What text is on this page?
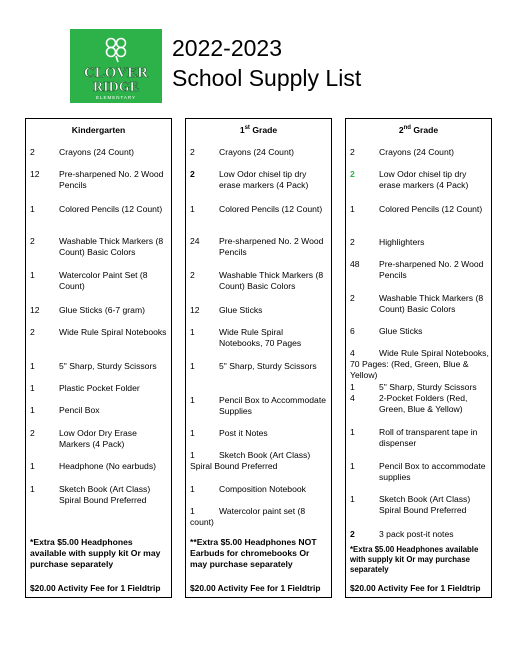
CLOVER
RIDGE
ELEMENTARY
2022-2023
School Supply List
Kindergarten
2	Crayons (24 Count)
12 Pre-sharpened No. 2 Wood Pencils
1	Colored Pencils (12 Count)
2	Washable Thick Markers (8 Count) Basic Colors
1	Watercolor Paint Set (8 Count)
12 Glue Sticks (6-7 gram)
2	Wide Rule Spiral Notebooks
1	5" Sharp, Sturdy Scissors
1	Plastic Pocket Folder
1	Pencil Box
2	Low Odor Dry Erase Markers (4 Pack)
1	Headphone (No earbuds)
1	Sketch Book (Art Class) Spiral Bound Preferred
*Extra $5.00 Headphones available with supply kit Or may purchase separately
$20.00 Activity Fee for 1 Fieldtrip
1st Grade
2	Crayons (24 Count)
2	Low Odor chisel tip dry erase markers (4 Pack)
1	Colored Pencils (12 Count)
24 Pre-sharpened No. 2 Wood Pencils
2	Washable Thick Markers (8 Count) Basic Colors
12 Glue Sticks
1	Wide Rule Spiral Notebooks, 70 Pages
1	5" Sharp, Sturdy Scissors
1	Pencil Box to Accommodate Supplies
1	Post it Notes
1	Sketch Book (Art Class) Spiral Bound Preferred
1	Composition Notebook
1	Watercolor paint set (8 count)
**Extra $5.00 Headphones NOT Earbuds for chromebooks Or may purchase separately
$20.00 Activity Fee for 1 Fieldtrip
2nd Grade
2	Crayons (24 Count)
2	Low Odor chisel tip dry erase markers (4 Pack)
1	Colored Pencils (12 Count)
2	Highlighters
48 Pre-sharpened No. 2 Wood Pencils
2	Washable Thick Markers (8 Count) Basic Colors
6	Glue Sticks
4	Wide Rule Spiral Notebooks, 70 Pages: (Red, Green, Blue & Yellow)
1	5" Sharp, Sturdy Scissors
4	2-Pocket Folders (Red, Green, Blue & Yellow)
1	Roll of transparent tape in dispenser
1	Pencil Box to accommodate supplies
1	Sketch Book (Art Class) Spiral Bound Preferred
2	3 pack post-it notes
*Extra $5.00 Headphones available with supply kit Or may purchase separately
$20.00 Activity Fee for 1 Fieldtrip
